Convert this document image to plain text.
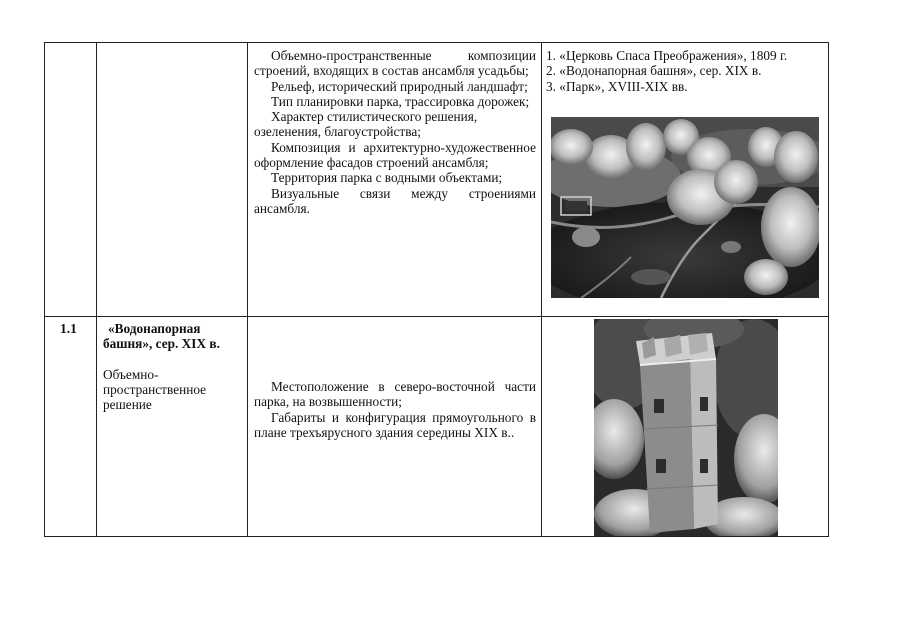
Объемно-пространственные композиции строений, входящих в состав ансамбля усадьбы;

Рельеф, исторический природный ландшафт;

Тип планировки парка, трассировка дорожек;

Характер стилистического решения, озеленения, благоустройства;

Композиция и архитектурно-художественное оформление фасадов строений ансамбля;

Территория парка с водными объектами;

Визуальные связи между строениями ансамбля.

1. «Церковь Спаса Преображения», 1809 г.
2. «Водонапорная башня», сер. XIX в.
3. «Парк», XVIII-XIX вв.
1.1	«Водонапорная башня», сер. XIX в.
Объемно-пространственное решение

Местоположение в северо-восточной части парка, на возвышенности;

Габариты и конфигурация прямоугольного в плане трехъярусного здания середины XIX в..
